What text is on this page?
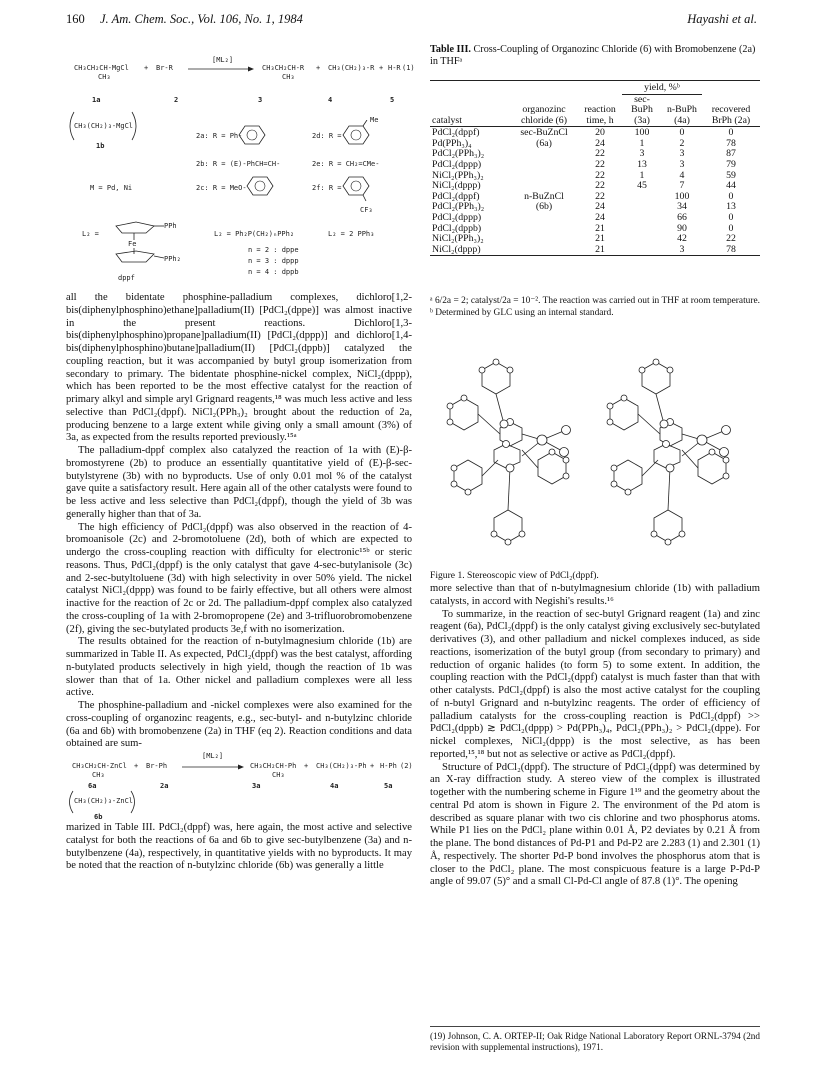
160 J. Am. Chem. Soc., Vol. 106, No. 1, 1984	Hayashi et al.
CH₃CH₂CH-MgCl
CH₃
+ Br-R
[ML₂]
CH₃CH₂CH-R
CH₃
+ CH₃(CH₂)₃-R + H-R (1)
1a	2	3	4	5
CH₃(CH₂)₃-MgCl
1b
2a: R = Ph-	2d: R =
Me
2b: R = (E)-PhCH=CH-	2e: R = CH₂=CMe-
M = Pd, Ni	2c: R = MeO-	2f: R =
CF₃
L₂ =
PPh
Fe
PPh₂
dppf
L₂ = Ph₂P(CH₂)ₙPPh₂
n = 2 : dppe
n = 3 : dppp
n = 4 : dppb
L₂ = 2 PPh₃

all the bidentate phosphine-palladium complexes, dichloro[1,2-bis(diphenylphosphino)ethane]palladium(II) [PdCl₂(dppe)] was almost inactive in the present reactions. Dichloro[1,3-bis(diphenylphosphino)propane]palladium(II) [PdCl₂(dppp)] and dichloro[1,4-bis(diphenylphosphino)butane]palladium(II) [PdCl₂(dppb)] catalyzed the coupling reaction, but it was accompanied by butyl group isomerization from secondary to primary. The bidentate phosphine-nickel complex, NiCl₂(dppp), which has been reported to be the most effective catalyst for the reaction of primary alkyl and simple aryl Grignard reagents,¹⁸ was much less active and less selective than PdCl₂(dppf). NiCl₂(PPh₃)₂ brought about the reduction of 2a, producing benzene to a large extent while giving only a small amount (3%) of 3a, as expected from the results reported previously.¹⁵ᵃ

The palladium-dppf complex also catalyzed the reaction of 1a with (E)-β-bromostyrene (2b) to produce an essentially quantitative yield of (E)-β-sec-butylstyrene (3b) with no byproducts. Use of only 0.01 mol % of the catalyst gave quite a satisfactory result. Here again all of the other catalysts were found to be less active and less selective than PdCl₂(dppf), though the yield of 3b was generally higher than that of 3a.

The high efficiency of PdCl₂(dppf) was also observed in the reaction of 4-bromoanisole (2c) and 2-bromotoluene (2d), both of which are expected to undergo the cross-coupling reaction with difficulty for electronic¹⁵ᵇ or steric reasons. Thus, PdCl₂(dppf) is the only catalyst that gave 4-sec-butylanisole (3c) and 2-sec-butyltoluene (3d) with high selectivity in over 50% yield. The nickel catalyst NiCl₂(dppp) was found to be fairly effective, but all others were almost inactive for the reaction of 2c or 2d. The palladium-dppf complex also catalyzed the cross-coupling of 1a with 2-bromopropene (2e) and 3-trifluorobromobenzene (2f), giving the sec-butylated products 3e,f with no isomerization.

The results obtained for the reaction of n-butylmagnesium chloride (1b) are summarized in Table II. As expected, PdCl₂(dppf) was the best catalyst, affording n-butylated products selectively in high yield, though the reaction of 1b was slower than that of 1a. Other nickel and palladium complexes were all less active.

The phosphine-palladium and -nickel complexes were also examined for the cross-coupling of organozinc reagents, e.g., sec-butyl- and n-butylzinc chloride (6a and 6b) with bromobenzene (2a) in THF (eq 2). Reaction conditions and data obtained are sum-

CH₃CH₂CH-ZnCl
CH₃
+ Br-Ph
[ML₂]
CH₃CH₂CH-Ph
CH₃
+ CH₃(CH₂)₃-Ph + H-Ph (2)
6a	2a	3a	4a	5a
CH₃(CH₂)₃-ZnCl
6b

marized in Table III. PdCl₂(dppf) was, here again, the most active and selective catalyst for both the reactions of 6a and 6b to give sec-butylbenzene (3a) and n-butylbenzene (4a), respectively, in quantitative yields with no byproducts. It may be noted that the reaction of n-butylzinc chloride (6b) was generally a little

Table III. Cross-Coupling of Organozinc Chloride (6) with Bromobenzene (2a) in THFᵃ

			yield, %ᵇ		
catalyst	organozinc chloride (6)	reaction time, h	sec-BuPh (3a)	n-BuPh (4a)	recovered BrPh (2a)

PdCl₂(dppf)	sec-BuZnCl	20	100	0	0
Pd(PPh₃)₄	(6a)	24	1	2	78
PdCl₂(PPh₃)₂		22	3	3	87
PdCl₂(dppp)		22	13	3	79
NiCl₂(PPh₃)₂		22	1	4	59
NiCl₂(dppp)		22	45	7	44
PdCl₂(dppf)	n-BuZnCl	22		100	0
PdCl₂(PPh₃)₂	(6b)	24		34	13
PdCl₂(dppp)		24		66	0
PdCl₂(dppb)		21		90	0
NiCl₂(PPh₃)₂		21		42	22
NiCl₂(dppp)		21		3	78
ᵃ 6/2a = 2; catalyst/2a = 10⁻². The reaction was carried out in THF at room temperature. ᵇ Determined by GLC using an internal standard.
Figure 1. Stereoscopic view of PdCl₂(dppf).

more selective than that of n-butylmagnesium chloride (1b) with palladium catalysts, in accord with Negishi's results.¹⁶

To summarize, in the reaction of sec-butyl Grignard reagent (1a) and zinc reagent (6a), PdCl₂(dppf) is the only catalyst giving exclusively sec-butylated derivatives (3), and other palladium and nickel complexes induced, as side reactions, isomerization of the butyl group (from secondary to primary) and reduction of organic halides (to form 5) to some extent. In addition, the coupling reaction with the PdCl₂(dppf) catalyst is much faster than that with other catalysts. PdCl₂(dppf) is also the most active catalyst for the coupling of n-butyl Grignard and n-butylzinc reagents. The order of efficiency of palladium catalysts for the cross-coupling reaction is PdCl₂(dppf) >> PdCl₂(dppb) ≳ PdCl₂(dppp) > Pd(PPh₃)₄, PdCl₂(PPh₃)₂ > PdCl₂(dppe). For nickel complexes, NiCl₂(dppp) is the most selective, as has been reported,¹⁵,¹⁸ but not as selective or active as PdCl₂(dppf).

Structure of PdCl₂(dppf). The structure of PdCl₂(dppf) was determined by an X-ray diffraction study. A stereo view of the complex is illustrated together with the numbering scheme in Figure 1¹⁹ and the geometry about the central Pd atom is shown in Figure 2. The environment of the Pd atom is described as square planar with two cis chlorine and two phosphorus atoms. While P1 lies on the PdCl₂ plane within 0.01 Å, P2 deviates by 0.21 Å from the plane. The bond distances of Pd-P1 and Pd-P2 are 2.283 (1) and 2.301 (1) Å, respectively. The shorter Pd-P bond involves the phosphorus atom that is closer to the PdCl₂ plane. The most conspicuous feature is a large P-Pd-P angle of 99.07 (5)° and a small Cl-Pd-Cl angle of 87.8 (1)°. The opening

(19) Johnson, C. A. ORTEP-II; Oak Ridge National Laboratory Report ORNL-3794 (2nd revision with supplemental instructions), 1971.
